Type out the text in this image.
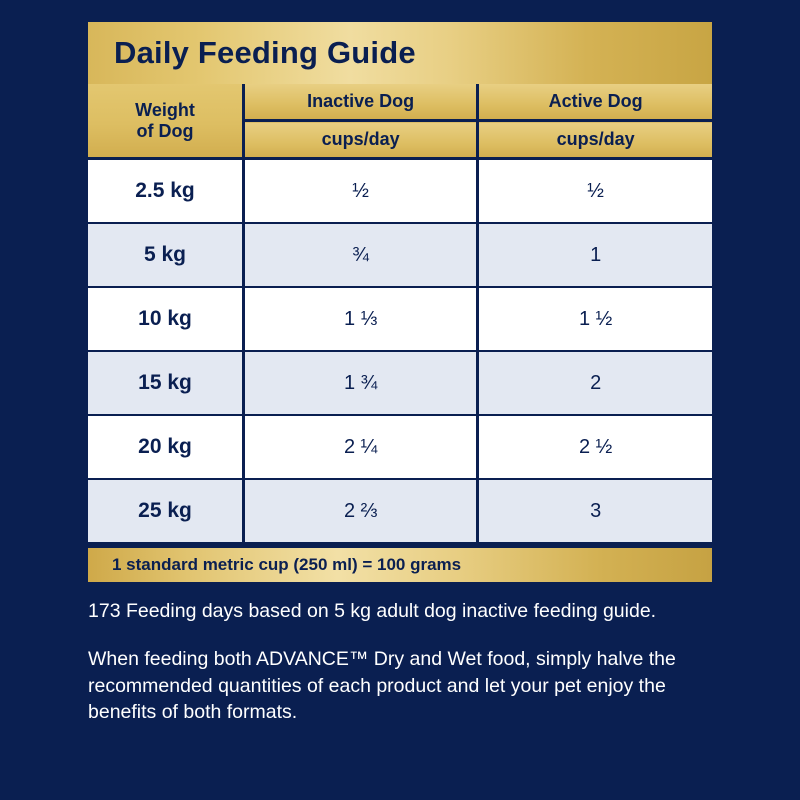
Daily Feeding Guide
Weight
of Dog	Inactive Dog	Active Dog
	cups/day	cups/day
2.5 kg	½	½
5 kg	¾	1
10 kg	1 ⅓	1 ½
15 kg	1 ¾	2
20 kg	2 ¼	2 ½
25 kg	2 ⅔	3
1 standard metric cup (250 ml) = 100 grams

173 Feeding days based on 5 kg adult dog inactive feeding guide.

When feeding both ADVANCE™ Dry and Wet food, simply halve the recommended quantities of each product and let your pet enjoy the benefits of both formats.
